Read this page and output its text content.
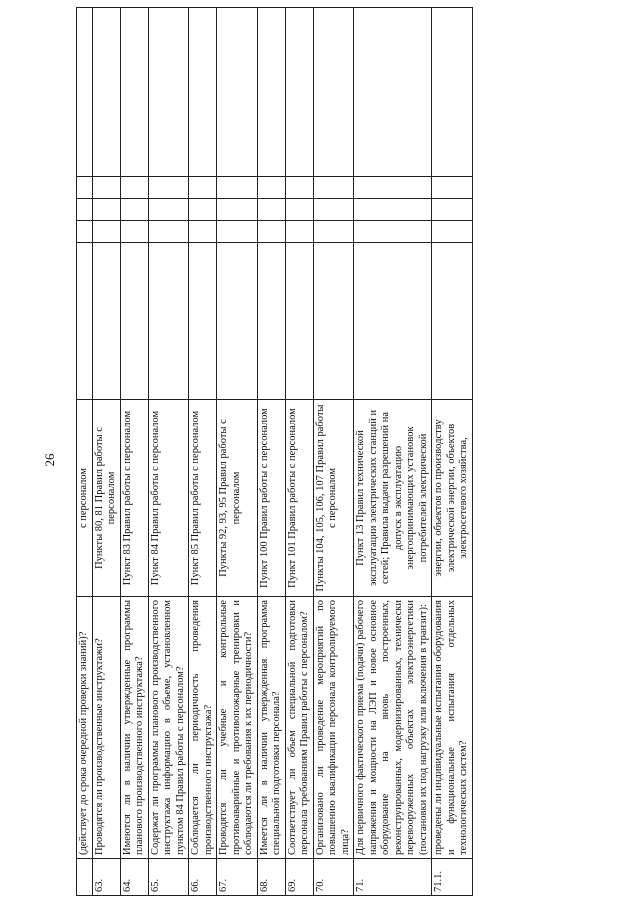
26
	(действует до срока очередной проверки знаний)?	с персоналом					
63.	Проводятся ли производственные инструктажи?	Пункты 80, 81 Правил работы с персоналом					
64.	Имеются ли в наличии утвержденные программы планового производственного инструктажа?	Пункт 83 Правил работы с персоналом					
65.	Содержат ли программы планового производственного инструктажа информацию в объеме, установленном пунктом 84 Правил работы с персоналом?	Пункт 84 Правил работы с персоналом					
66.	Соблюдается ли периодичность проведения производственного инструктажа?	Пункт 85 Правил работы с персоналом					
67.	Проводятся ли учебные и контрольные противоаварийные и противопожарные тренировки и соблюдаются ли требования к их периодичности?	Пункты 92, 93, 95 Правил работы с персоналом					
68.	Имеется ли в наличии утвержденная программа специальной подготовки персонала?	Пункт 100 Правил работы с персоналом					
69.	Соответствует ли объем специальной подготовки персонала требованиям Правил работы с персоналом?	Пункт 101 Правил работы с персоналом					
70.	Организовано ли проведение мероприятий по повышению квалификации персонала контролируемого лица?	Пункты 104, 105, 106, 107 Правил работы с персоналом					
71.	Для первичного фактического приема (подачи) рабочего напряжения и мощности на ЛЭП и новое основное оборудование на вновь построенных, реконструированных, модернизированных, технически перевооруженных объектах электроэнергетики (постановки их под нагрузку или включения в транзит):	Пункт 13 Правил технической эксплуатации электрических станций и сетей; Правила выдачи разрешений на допуск в эксплуатацию энергопринимающих установок потребителей электрической					
71.1.	проведены ли индивидуальные испытания оборудования и функциональные испытания отдельных технологических систем?	энергии, объектов по производству электрической энергии, объектов электросетевого хозяйства,					
